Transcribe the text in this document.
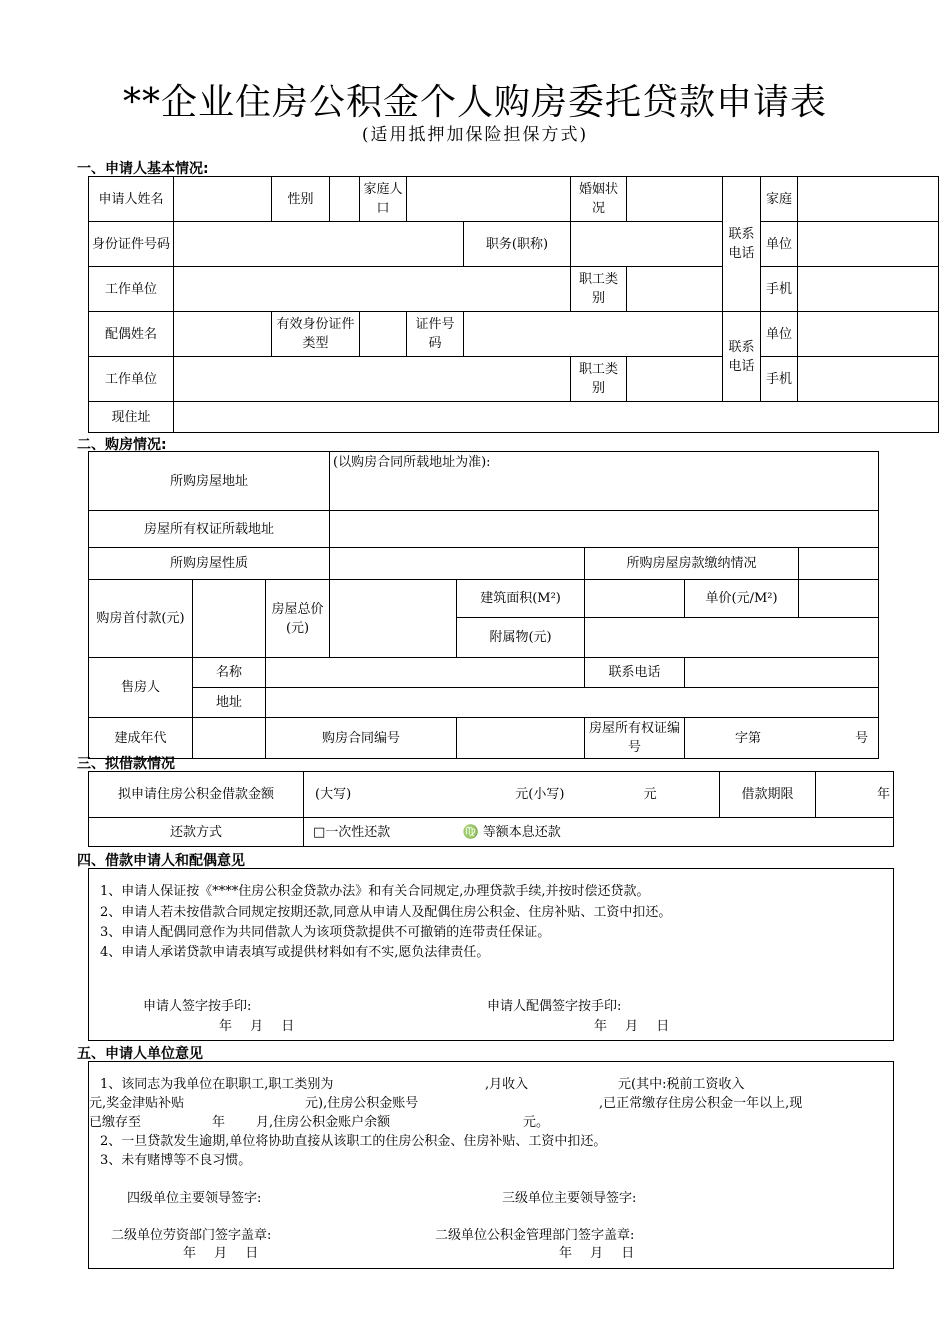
**企业住房公积金个人购房委托贷款申请表
(适用抵押加保险担保方式)
一、申请人基本情况:
申请人姓名		性别		家庭人口			婚姻状况		联系电话	家庭	
身份证件号码						职务(职称)				单位	
工作单位							职工类别			手机	
配偶姓名		有效身份证件类型			证件号码				联系电话	单位	
工作单位							职工类别			手机	
现住址											
二、购房情况:
所购房屋地址			(以购房合同所载地址为准):				
房屋所有权证所载地址							
所购房屋性质					所购房屋房款缴纳情况		
购房首付款(元)		房屋总价(元)		建筑面积(M²)		单价(元/M²)	
				附属物(元)			
售房人	名称				联系电话		
	地址						
建成年代		购房合同编号			房屋所有权证编号	字第 号	
三、拟借款情况
拟申请住房公积金借款金额	(大写) 元(小写) 元	借款期限	年
还款方式	□一次性还款 ♍ 等额本息还款		
四、借款申请人和配偶意见
1、申请人保证按《****住房公积金贷款办法》和有关合同规定,办理贷款手续,并按时偿还贷款。
2、申请人若未按借款合同规定按期还款,同意从申请人及配偶住房公积金、住房补贴、工资中扣还。
3、申请人配偶同意作为共同借款人为该项贷款提供不可撤销的连带责任保证。
4、申请人承诺贷款申请表填写或提供材料如有不实,愿负法律责任。
申请人签字按手印:	申请人配偶签字按手印:
年 月 日	年 月 日
五、申请人单位意见
1、该同志为我单位在职职工,职工类别为	,月收入	元(其中:税前工资收入
元,奖金津贴补贴	元),住房公积金账号	,已正常缴存住房公积金一年以上,现
已缴存至	年 月,住房公积金账户余额	元。
2、一旦贷款发生逾期,单位将协助直接从该职工的住房公积金、住房补贴、工资中扣还。
3、未有赌博等不良习惯。
四级单位主要领导签字:	三级单位主要领导签字:
二级单位劳资部门签字盖章:	二级单位公积金管理部门签字盖章:
年 月 日	年 月 日
